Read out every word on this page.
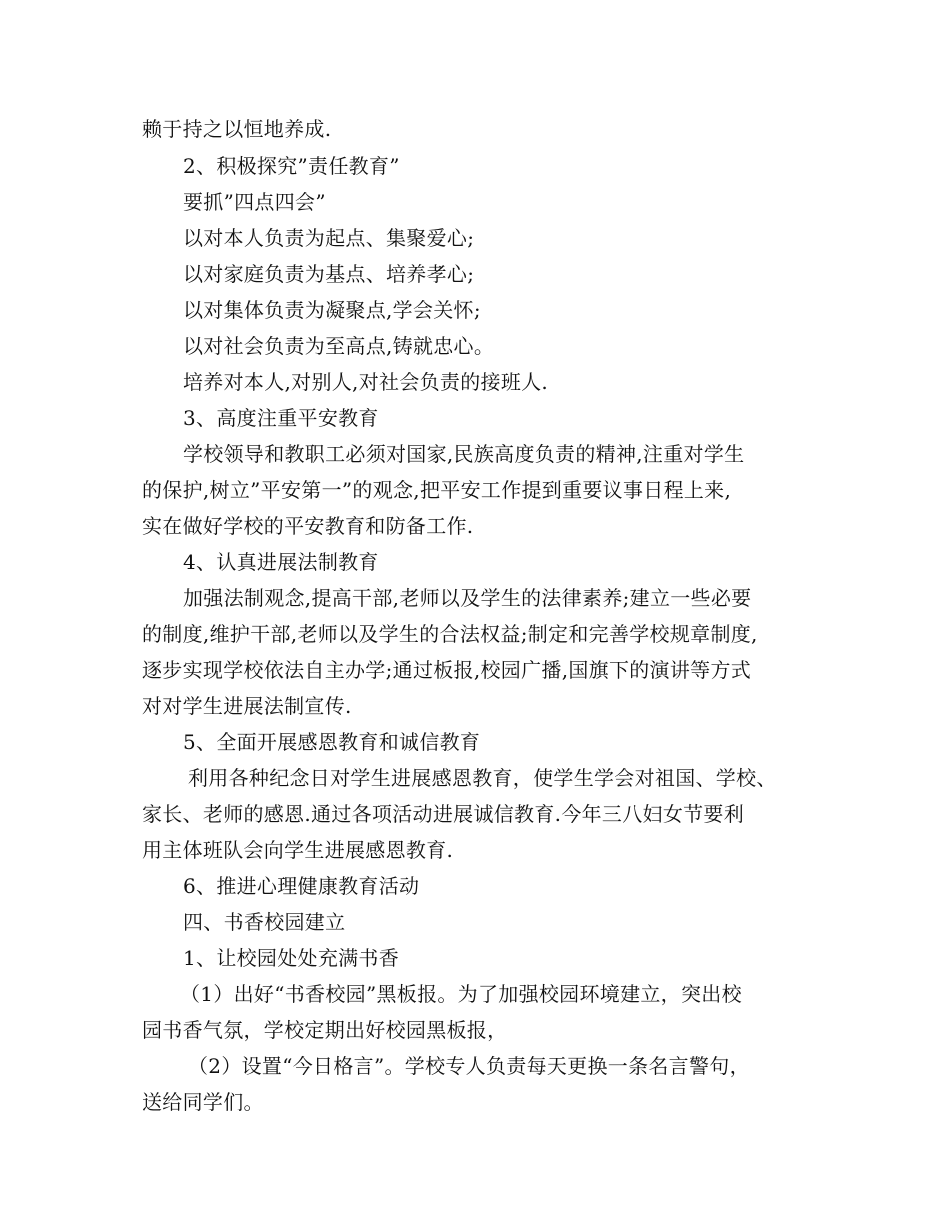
赖于持之以恒地养成.
2、积极探究”责任教育”
要抓”四点四会”
以对本人负责为起点、集聚爱心;
以对家庭负责为基点、培养孝心;
以对集体负责为凝聚点,学会关怀;
以对社会负责为至高点,铸就忠心。
培养对本人,对别人,对社会负责的接班人.
3、高度注重平安教育
学校领导和教职工必须对国家,民族高度负责的精神,注重对学生
的保护,树立”平安第一”的观念,把平安工作提到重要议事日程上来,
实在做好学校的平安教育和防备工作.
4、认真进展法制教育
加强法制观念,提高干部,老师以及学生的法律素养;建立一些必要
的制度,维护干部,老师以及学生的合法权益;制定和完善学校规章制度,
逐步实现学校依法自主办学;通过板报,校园广播,国旗下的演讲等方式
对对学生进展法制宣传.
5、全面开展感恩教育和诚信教育
利用各种纪念日对学生进展感恩教育，使学生学会对祖国、学校、
家长、老师的感恩.通过各项活动进展诚信教育.今年三八妇女节要利
用主体班队会向学生进展感恩教育.
6、推进心理健康教育活动
四、书香校园建立
1、让校园处处充满书香
（1）出好“书香校园”黑板报。为了加强校园环境建立，突出校
园书香气氛，学校定期出好校园黑板报，
（2）设置“今日格言”。学校专人负责每天更换一条名言警句，
送给同学们。
